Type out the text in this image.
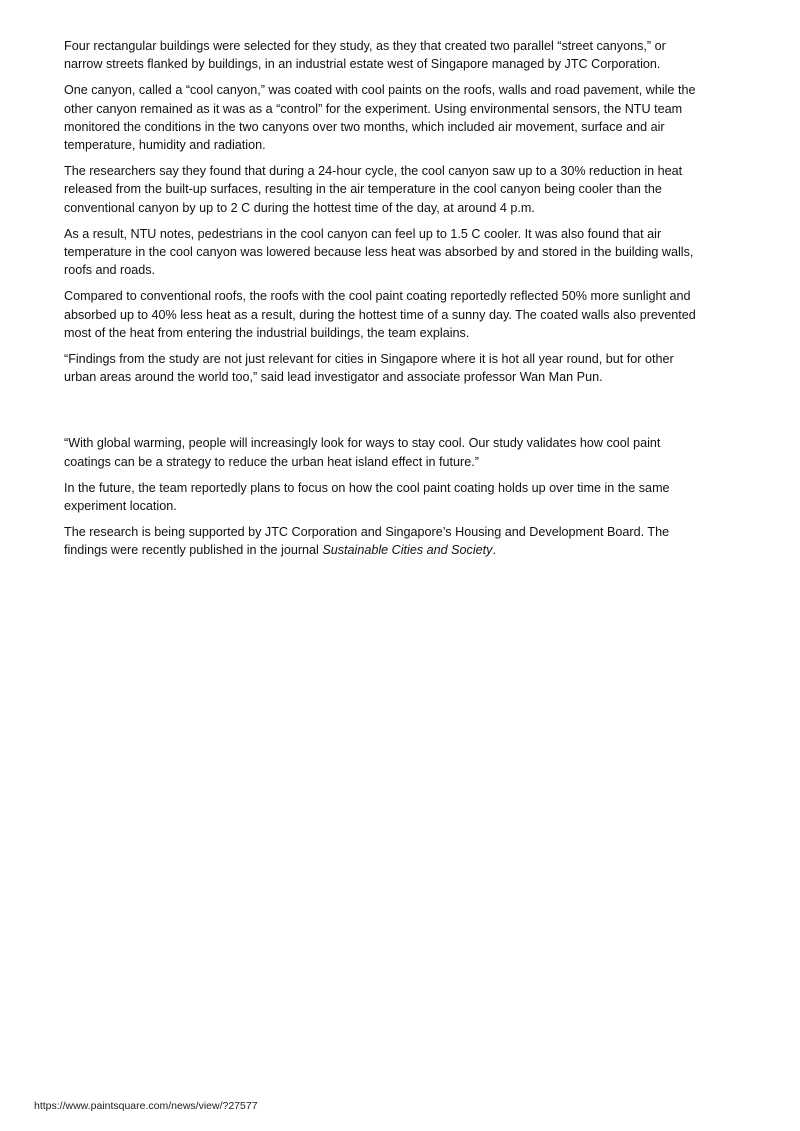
Four rectangular buildings were selected for they study, as they that created two parallel “street canyons,” or narrow streets flanked by buildings, in an industrial estate west of Singapore managed by JTC Corporation.

One canyon, called a “cool canyon,” was coated with cool paints on the roofs, walls and road pavement, while the other canyon remained as it was as a “control” for the experiment. Using environmental sensors, the NTU team monitored the conditions in the two canyons over two months, which included air movement, surface and air temperature, humidity and radiation.

The researchers say they found that during a 24-hour cycle, the cool canyon saw up to a 30% reduction in heat released from the built-up surfaces, resulting in the air temperature in the cool canyon being cooler than the conventional canyon by up to 2 C during the hottest time of the day, at around 4 p.m.

As a result, NTU notes, pedestrians in the cool canyon can feel up to 1.5 C cooler. It was also found that air temperature in the cool canyon was lowered because less heat was absorbed by and stored in the building walls, roofs and roads.

Compared to conventional roofs, the roofs with the cool paint coating reportedly reflected 50% more sunlight and absorbed up to 40% less heat as a result, during the hottest time of a sunny day. The coated walls also prevented most of the heat from entering the industrial buildings, the team explains.

“Findings from the study are not just relevant for cities in Singapore where it is hot all year round, but for other urban areas around the world too,” said lead investigator and associate professor Wan Man Pun.

“With global warming, people will increasingly look for ways to stay cool. Our study validates how cool paint coatings can be a strategy to reduce the urban heat island effect in future.”

In the future, the team reportedly plans to focus on how the cool paint coating holds up over time in the same experiment location.

The research is being supported by JTC Corporation and Singapore’s Housing and Development Board. The findings were recently published in the journal Sustainable Cities and Society.

https://www.paintsquare.com/news/view/?27577
